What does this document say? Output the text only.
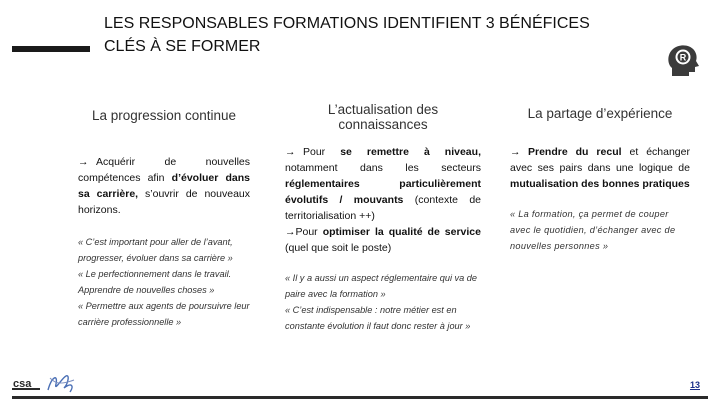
LES RESPONSABLES FORMATIONS IDENTIFIENT 3 BÉNÉFICES
CLÉS À SE FORMER
R
La progression continue
→ Acquérir de nouvelles compétences afin d’évoluer dans sa carrière, s’ouvrir de nouveaux horizons.

« C’est important pour aller de l’avant, progresser, évoluer dans sa carrière »

« Le perfectionnement dans le travail. Apprendre de nouvelles choses »

« Permettre aux agents de poursuivre leur carrière professionnelle »

L’actualisation des connaissances
→ Pour se remettre à niveau, notamment dans les secteurs réglementaires particulièrement évolutifs / mouvants (contexte de territorialisation ++)
→Pour optimiser la qualité de service (quel que soit le poste)

« Il y a aussi un aspect réglementaire qui va de paire avec la formation »

« C’est indispensable : notre métier est en constante évolution il faut donc rester à jour »

La partage d’expérience
→ Prendre du recul et échanger avec ses pairs dans une logique de mutualisation des bonnes pratiques

« La formation, ça permet de couper avec le quotidien, d’échanger avec de nouvelles personnes »

csa	13
